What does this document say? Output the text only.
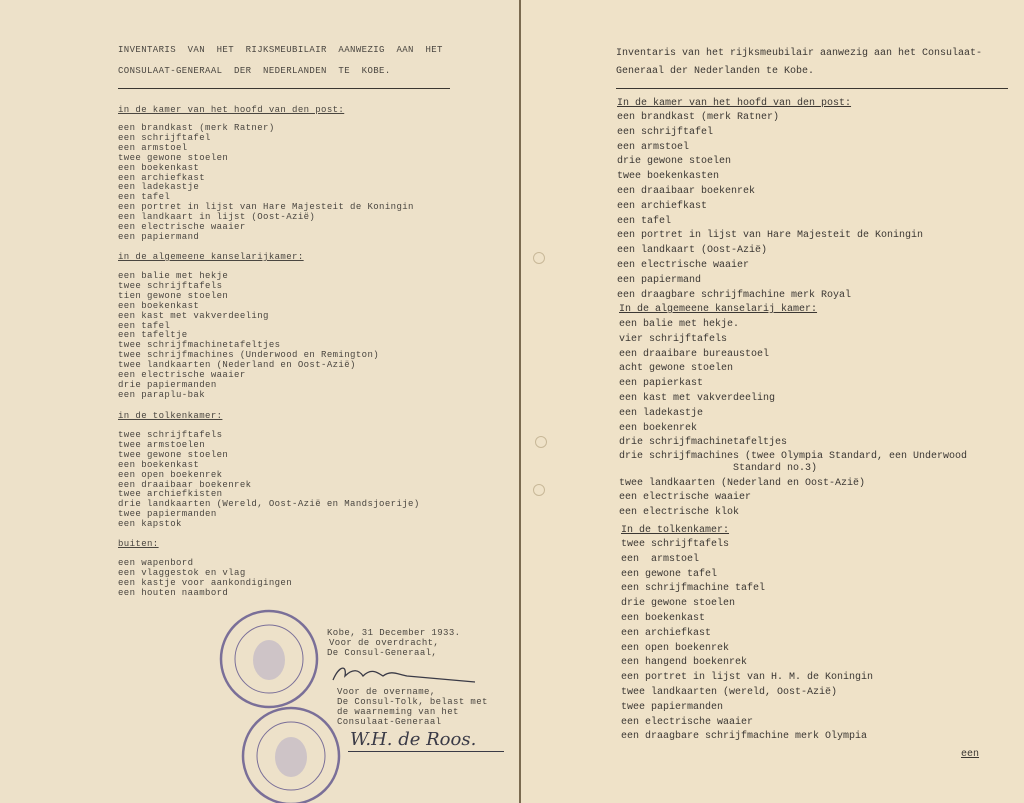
INVENTARIS  VAN  HET  RIJKSMEUBILAIR  AANWEZIG  AAN  HET
CONSULAAT-GENERAAL  DER  NEDERLANDEN  TE  KOBE.
in de kamer van het hoofd van den post:
een brandkast (merk Ratner)
een schrijftafel
een armstoel
twee gewone stoelen
een boekenkast
een archiefkast
een ladekastje
een tafel
een portret in lijst van Hare Majesteit de Koningin
een landkaart in lijst (Oost-Azië)
een electrische waaier
een papiermand
in de algemeene kanselarijkamer:
een balie met hekje
twee schrijftafels
tien gewone stoelen
een boekenkast
een kast met vakverdeeling
een tafel
een tafeltje
twee schrijfmachinetafeltjes
twee schrijfmachines (Underwood en Remington)
twee landkaarten (Nederland en Oost-Azië)
een electrische waaier
drie papiermanden
een paraplu-bak
in de tolkenkamer:
twee schrijftafels
twee armstoelen
twee gewone stoelen
een boekenkast
een open boekenrek
een draaibaar boekenrek
twee archiefkisten
drie landkaarten (Wereld, Oost-Azië en Mandsjoerije)
twee papiermanden
een kapstok
buiten:
een wapenbord
een vlaggestok en vlag
een kastje voor aankondigingen
een houten naambord
Kobe, 31 December 1933.
Voor de overdracht,
De Consul-Generaal,
Voor de overname,
De Consul-Tolk, belast met
de waarneming van het
Consulaat-Generaal
W.H. de Roos.
Inventaris van het rijksmeubilair aanwezig aan het Consulaat-
Generaal der Nederlanden te Kobe.
In de kamer van het hoofd van den post:
een brandkast (merk Ratner)
een schrijftafel
een armstoel
drie gewone stoelen
twee boekenkasten
een draaibaar boekenrek
een archiefkast
een tafel
een portret in lijst van Hare Majesteit de Koningin
een landkaart (Oost-Azië)
een electrische waaier
een papiermand
een draagbare schrijfmachine merk Royal
In de algemeene kanselarij kamer:
een balie met hekje.
vier schrijftafels
een draaibare bureaustoel
acht gewone stoelen
een papierkast
een kast met vakverdeeling
een ladekastje
een boekenrek
drie schrijfmachinetafeltjes
drie schrijfmachines (twee Olympia Standard, een Underwood
Standard no.3)
twee landkaarten (Nederland en Oost-Azië)
een electrische waaier
een electrische klok
In de tolkenkamer:
twee schrijftafels
een  armstoel
een gewone tafel
een schrijfmachine tafel
drie gewone stoelen
een boekenkast
een archiefkast
een open boekenrek
een hangend boekenrek
een portret in lijst van H. M. de Koningin
twee landkaarten (wereld, Oost-Azië)
twee papiermanden
een electrische waaier
een draagbare schrijfmachine merk Olympia
een
